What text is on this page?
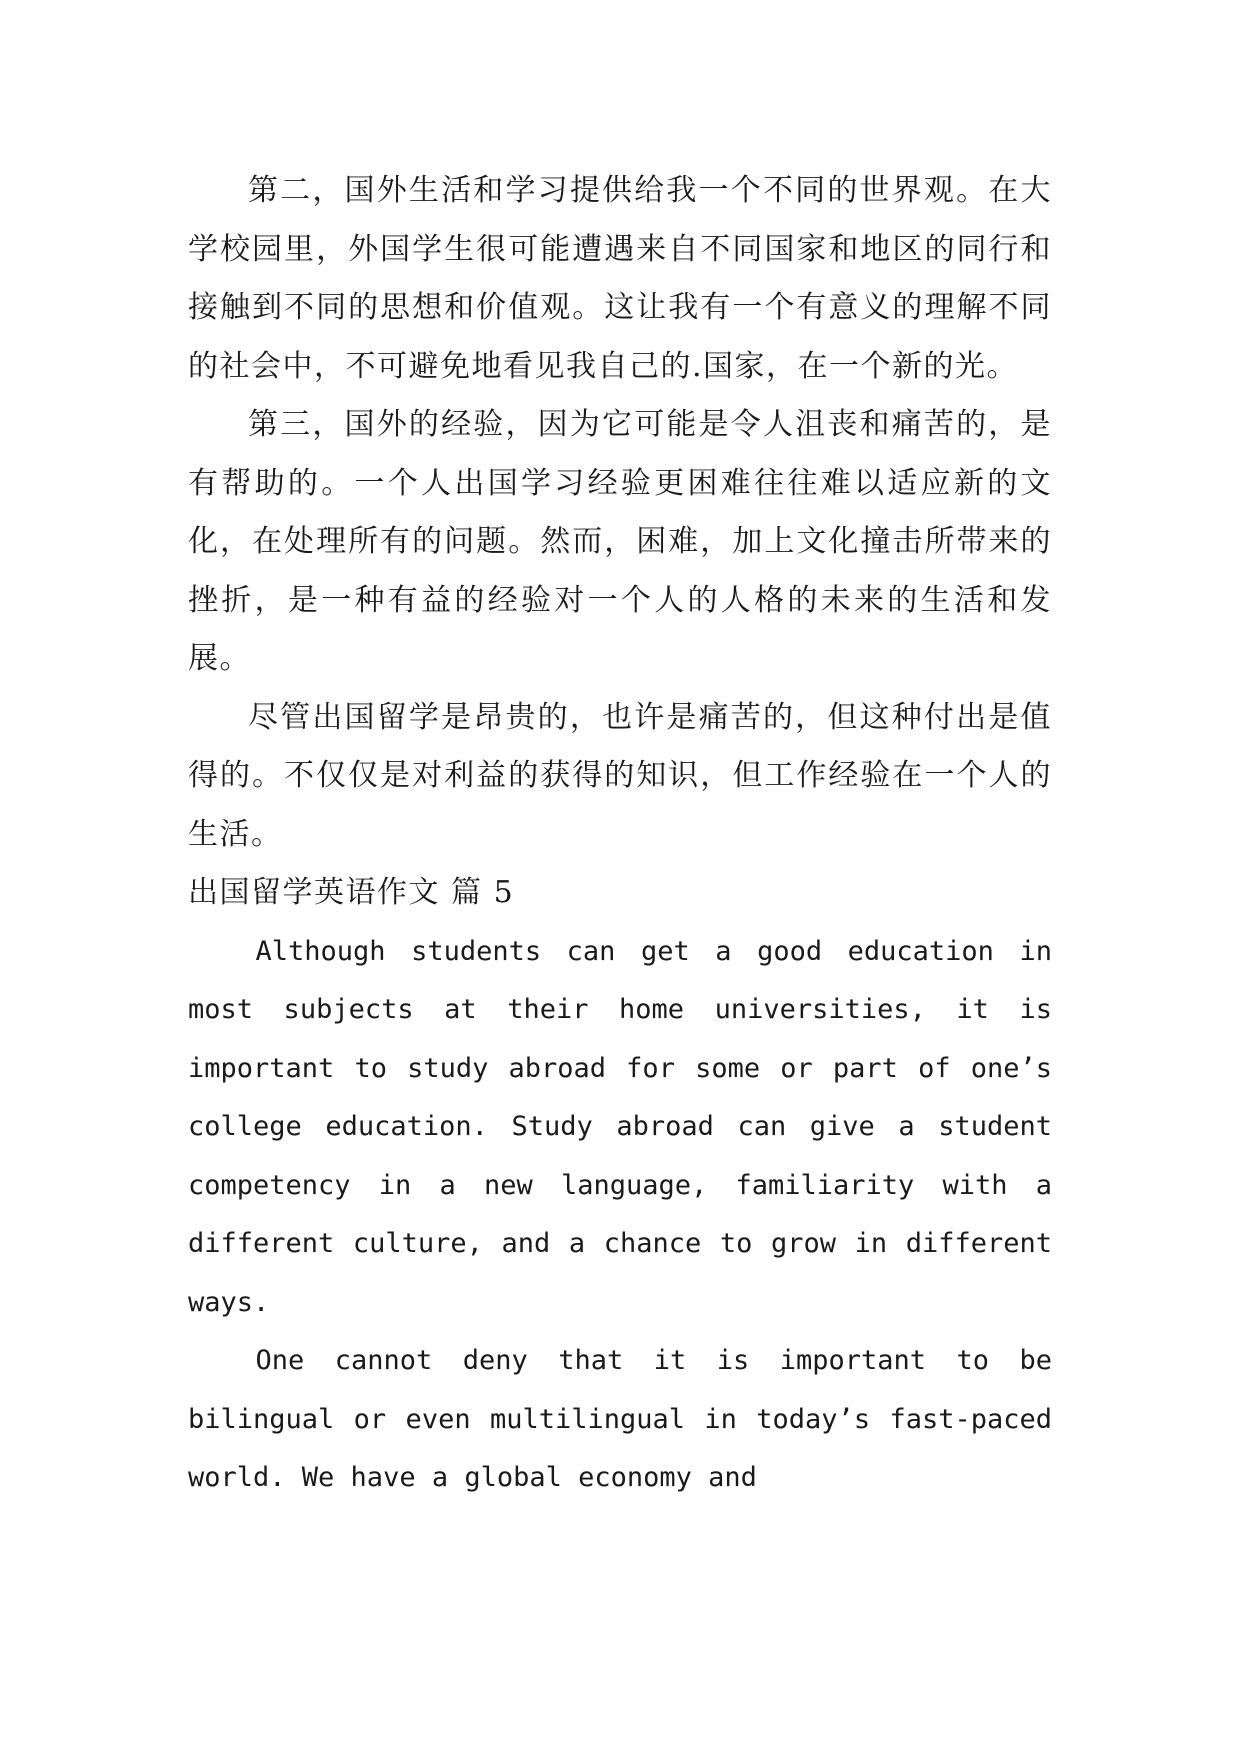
第二，国外生活和学习提供给我一个不同的世界观。在大学校园里，外国学生很可能遭遇来自不同国家和地区的同行和接触到不同的思想和价值观。这让我有一个有意义的理解不同的社会中，不可避免地看见我自己的.国家，在一个新的光。

第三，国外的经验，因为它可能是令人沮丧和痛苦的，是有帮助的。一个人出国学习经验更困难往往难以适应新的文化，在处理所有的问题。然而，困难，加上文化撞击所带来的挫折，是一种有益的经验对一个人的人格的未来的生活和发展。

尽管出国留学是昂贵的，也许是痛苦的，但这种付出是值得的。不仅仅是对利益的获得的知识，但工作经验在一个人的生活。

出国留学英语作文 篇 5

Although students can get a good education in most subjects at their home universities, it is important to study abroad for some or part of one’s college education. Study abroad can give a student competency in a new language, familiarity with a different culture, and a chance to grow in different ways.

One cannot deny that it is important to be bilingual or even multilingual in today’s fast-paced world. We have a global economy and
